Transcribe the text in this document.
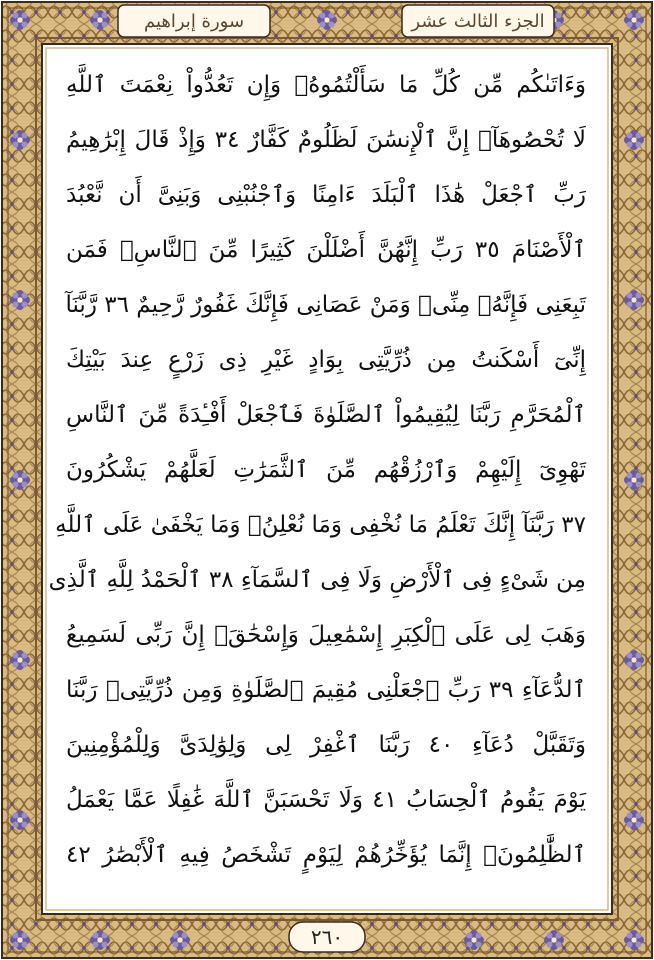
سورة إبراهيم	الجزء الثالث عشر
وَءَاتَىٰكُم مِّن كُلِّ مَا سَأَلْتُمُوهُۚ وَإِن تَعُدُّواْ نِعْمَتَ ٱللَّهِ
لَا تُحْصُوهَآۗ إِنَّ ٱلْإِنسَٰنَ لَظَلُومٌ كَفَّارٌ ٣٤ وَإِذْ قَالَ إِبْرَٰهِيمُ
رَبِّ ٱجْعَلْ هَٰذَا ٱلْبَلَدَ ءَامِنًا وَٱجْنُبْنِى وَبَنِىَّ أَن نَّعْبُدَ
ٱلْأَصْنَامَ ٣٥ رَبِّ إِنَّهُنَّ أَضْلَلْنَ كَثِيرًا مِّنَ ٱلنَّاسِۖ فَمَن
تَبِعَنِى فَإِنَّهُۥ مِنِّىۖ وَمَنْ عَصَانِى فَإِنَّكَ غَفُورٌ رَّحِيمٌ ٣٦ رَّبَّنَآ
إِنِّىٓ أَسْكَنتُ مِن ذُرِّيَّتِى بِوَادٍ غَيْرِ ذِى زَرْعٍ عِندَ بَيْتِكَ
ٱلْمُحَرَّمِ رَبَّنَا لِيُقِيمُواْ ٱلصَّلَوٰةَ فَٱجْعَلْ أَفْـِٔدَةً مِّنَ ٱلنَّاسِ
تَهْوِىٓ إِلَيْهِمْ وَٱرْزُقْهُم مِّنَ ٱلثَّمَرَٰتِ لَعَلَّهُمْ يَشْكُرُونَ
٣٧ رَبَّنَآ إِنَّكَ تَعْلَمُ مَا نُخْفِى وَمَا نُعْلِنُۗ وَمَا يَخْفَىٰ عَلَى ٱللَّهِ
مِن شَىْءٍ فِى ٱلْأَرْضِ وَلَا فِى ٱلسَّمَآءِ ٣٨ ٱلْحَمْدُ لِلَّهِ ٱلَّذِى
وَهَبَ لِى عَلَى ٱلْكِبَرِ إِسْمَٰعِيلَ وَإِسْحَٰقَۚ إِنَّ رَبِّى لَسَمِيعُ
ٱلدُّعَآءِ ٣٩ رَبِّ ٱجْعَلْنِى مُقِيمَ ٱلصَّلَوٰةِ وَمِن ذُرِّيَّتِىۚ رَبَّنَا
وَتَقَبَّلْ دُعَآءِ ٤٠ رَبَّنَا ٱغْفِرْ لِى وَلِوَٰلِدَىَّ وَلِلْمُؤْمِنِينَ
يَوْمَ يَقُومُ ٱلْحِسَابُ ٤١ وَلَا تَحْسَبَنَّ ٱللَّهَ غَٰفِلًا عَمَّا يَعْمَلُ
ٱلظَّٰلِمُونَۚ إِنَّمَا يُؤَخِّرُهُمْ لِيَوْمٍ تَشْخَصُ فِيهِ ٱلْأَبْصَٰرُ ٤٢
٢٦٠
